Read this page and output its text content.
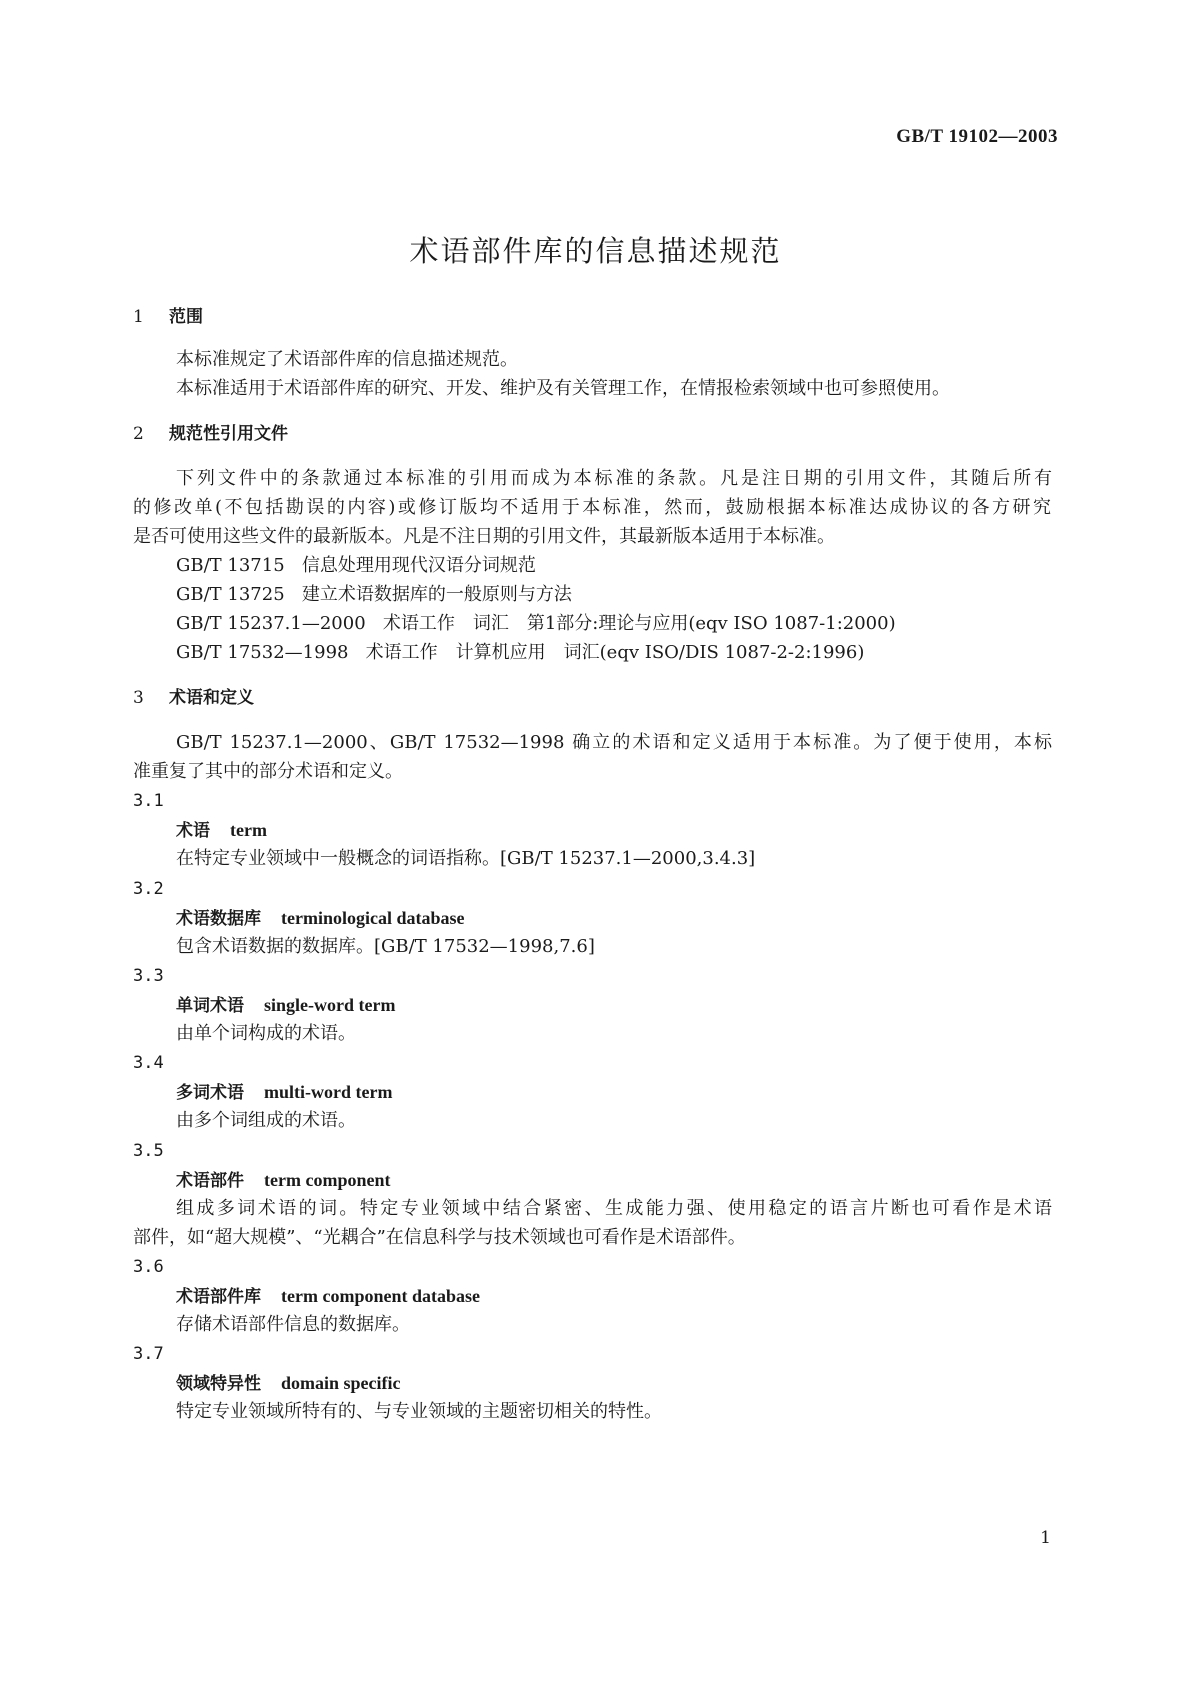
GB/T 19102—2003
术语部件库的信息描述规范
1 范围
本标准规定了术语部件库的信息描述规范。
本标准适用于术语部件库的研究、开发、维护及有关管理工作，在情报检索领域中也可参照使用。
2 规范性引用文件
下列文件中的条款通过本标准的引用而成为本标准的条款。凡是注日期的引用文件，其随后所有
的修改单(不包括勘误的内容)或修订版均不适用于本标准，然而，鼓励根据本标准达成协议的各方研究
是否可使用这些文件的最新版本。凡是不注日期的引用文件，其最新版本适用于本标准。
GB/T 13715 信息处理用现代汉语分词规范
GB/T 13725 建立术语数据库的一般原则与方法
GB/T 15237.1—2000 术语工作　词汇　第1部分:理论与应用(eqv ISO 1087-1:2000)
GB/T 17532—1998 术语工作　计算机应用　词汇(eqv ISO/DIS 1087-2-2:1996)
3 术语和定义
GB/T 15237.1—2000、GB/T 17532—1998 确立的术语和定义适用于本标准。为了便于使用，本标
准重复了其中的部分术语和定义。
3.1
术语 term
在特定专业领域中一般概念的词语指称。[GB/T 15237.1—2000,3.4.3]
3.2
术语数据库 terminological database
包含术语数据的数据库。[GB/T 17532—1998,7.6]
3.3
单词术语 single-word term
由单个词构成的术语。
3.4
多词术语 multi-word term
由多个词组成的术语。
3.5
术语部件 term component
组成多词术语的词。特定专业领域中结合紧密、生成能力强、使用稳定的语言片断也可看作是术语
部件，如“超大规模”、“光耦合”在信息科学与技术领域也可看作是术语部件。
3.6
术语部件库 term component database
存储术语部件信息的数据库。
3.7
领域特异性 domain specific
特定专业领域所特有的、与专业领域的主题密切相关的特性。
1
